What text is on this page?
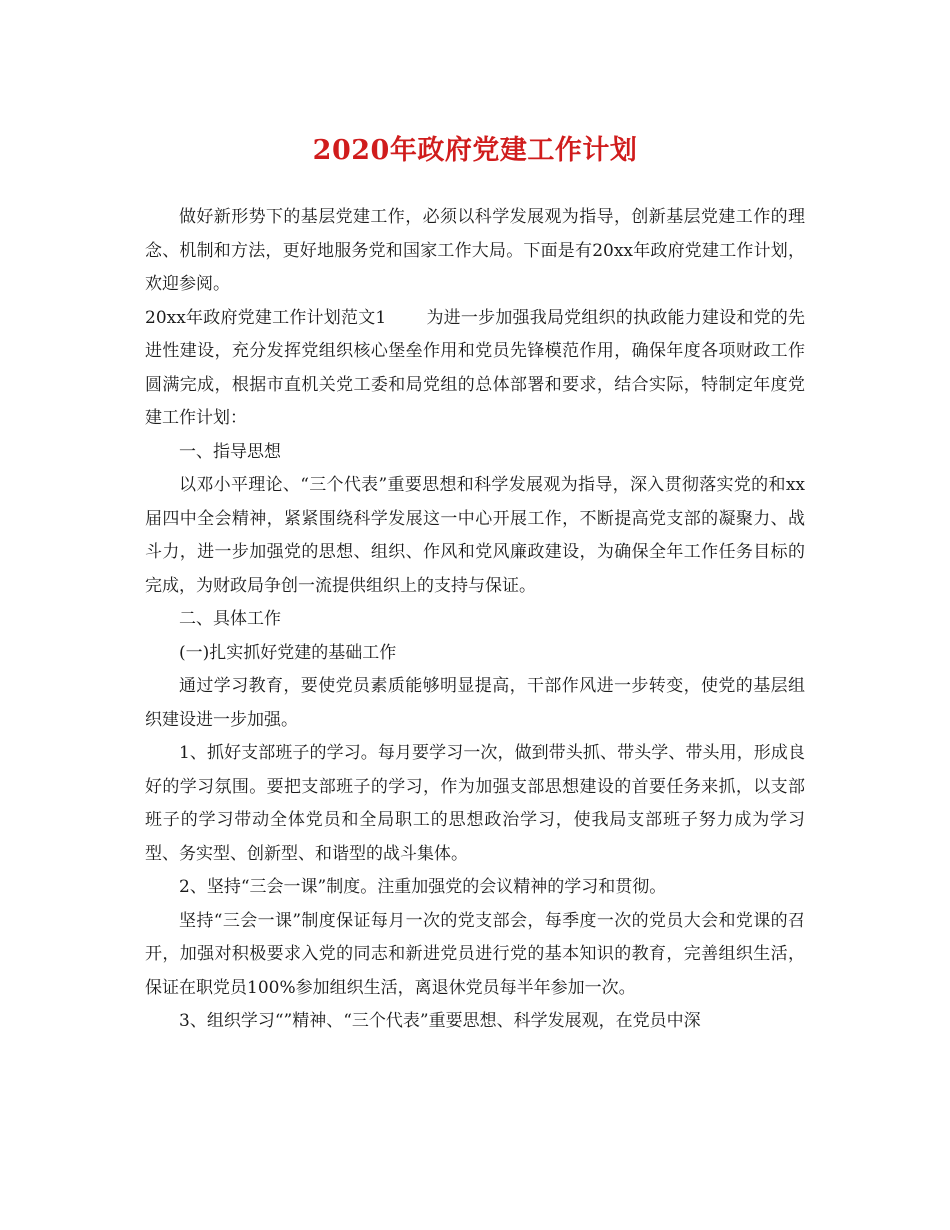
2020年政府党建工作计划

做好新形势下的基层党建工作，必须以科学发展观为指导，创新基层党建工作的理念、机制和方法，更好地服务党和国家工作大局。下面是有20xx年政府党建工作计划，欢迎参阅。

20xx年政府党建工作计划范文1 为进一步加强我局党组织的执政能力建设和党的先进性建设，充分发挥党组织核心堡垒作用和党员先锋模范作用，确保年度各项财政工作圆满完成，根据市直机关党工委和局党组的总体部署和要求，结合实际，特制定年度党建工作计划：

一、指导思想

以邓小平理论、“三个代表”重要思想和科学发展观为指导，深入贯彻落实党的和xx届四中全会精神，紧紧围绕科学发展这一中心开展工作，不断提高党支部的凝聚力、战斗力，进一步加强党的思想、组织、作风和党风廉政建设，为确保全年工作任务目标的完成，为财政局争创一流提供组织上的支持与保证。

二、具体工作

(一)扎实抓好党建的基础工作

通过学习教育，要使党员素质能够明显提高，干部作风进一步转变，使党的基层组织建设进一步加强。

1、抓好支部班子的学习。每月要学习一次，做到带头抓、带头学、带头用，形成良好的学习氛围。要把支部班子的学习，作为加强支部思想建设的首要任务来抓，以支部班子的学习带动全体党员和全局职工的思想政治学习，使我局支部班子努力成为学习型、务实型、创新型、和谐型的战斗集体。

2、坚持“三会一课”制度。注重加强党的会议精神的学习和贯彻。

坚持“三会一课”制度保证每月一次的党支部会，每季度一次的党员大会和党课的召开，加强对积极要求入党的同志和新进党员进行党的基本知识的教育，完善组织生活，保证在职党员100%参加组织生活，离退休党员每半年参加一次。

3、组织学习“”精神、“三个代表”重要思想、科学发展观，在党员中深
